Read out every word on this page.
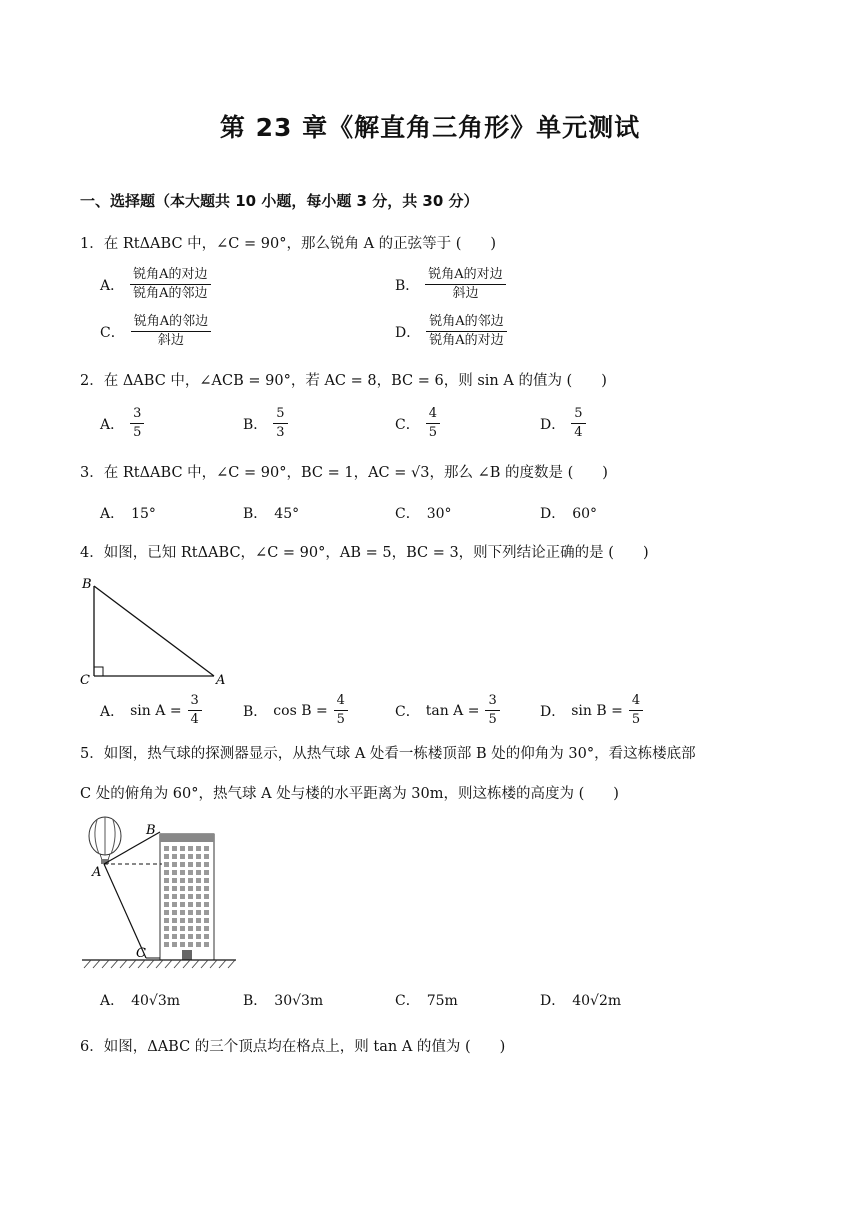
第 23 章《解直角三角形》单元测试
一、选择题（本大题共 10 小题，每小题 3 分，共 30 分）
1．在 RtΔABC 中，∠C = 90°，那么锐角 A 的正弦等于 (　　)
A． $\frac{\text{锐角A的对边}}{\text{锐角A的邻边}}$	B． $\frac{\text{锐角A的对边}}{\text{斜边}}$
C． $\frac{\text{锐角A的邻边}}{\text{斜边}}$	D． $\frac{\text{锐角A的邻边}}{\text{锐角A的对边}}$
2．在 ΔABC 中，∠ACB = 90°，若 AC = 8，BC = 6，则 sin A 的值为 (　　)
A． $\frac{3}{5}$	B． $\frac{5}{3}$	C． $\frac{4}{5}$	D． $\frac{5}{4}$
3．在 RtΔABC 中，∠C = 90°，BC = 1，AC = √3，那么 ∠B 的度数是 (　　)
A．　15°	B．　45°	C．　30°	D．　60°
4．如图，已知 RtΔABC，∠C = 90°，AB = 5，BC = 3，则下列结论正确的是 (　　)
B
C	A
A． $\sin A = \frac{3}{4}$	B． $\cos B = \frac{4}{5}$	C． $\tan A = \frac{3}{5}$	D． $\sin B = \frac{4}{5}$
5．如图，热气球的探测器显示，从热气球 A 处看一栋楼顶部 B 处的仰角为 30°，看这栋楼底部
C 处的俯角为 60°，热气球 A 处与楼的水平距离为 30m，则这栋楼的高度为 (　　)
A
B
C
A．　40√3m	B．　30√3m	C．　75m	D．　40√2m
6．如图，ΔABC 的三个顶点均在格点上，则 tan A 的值为 (　　)
